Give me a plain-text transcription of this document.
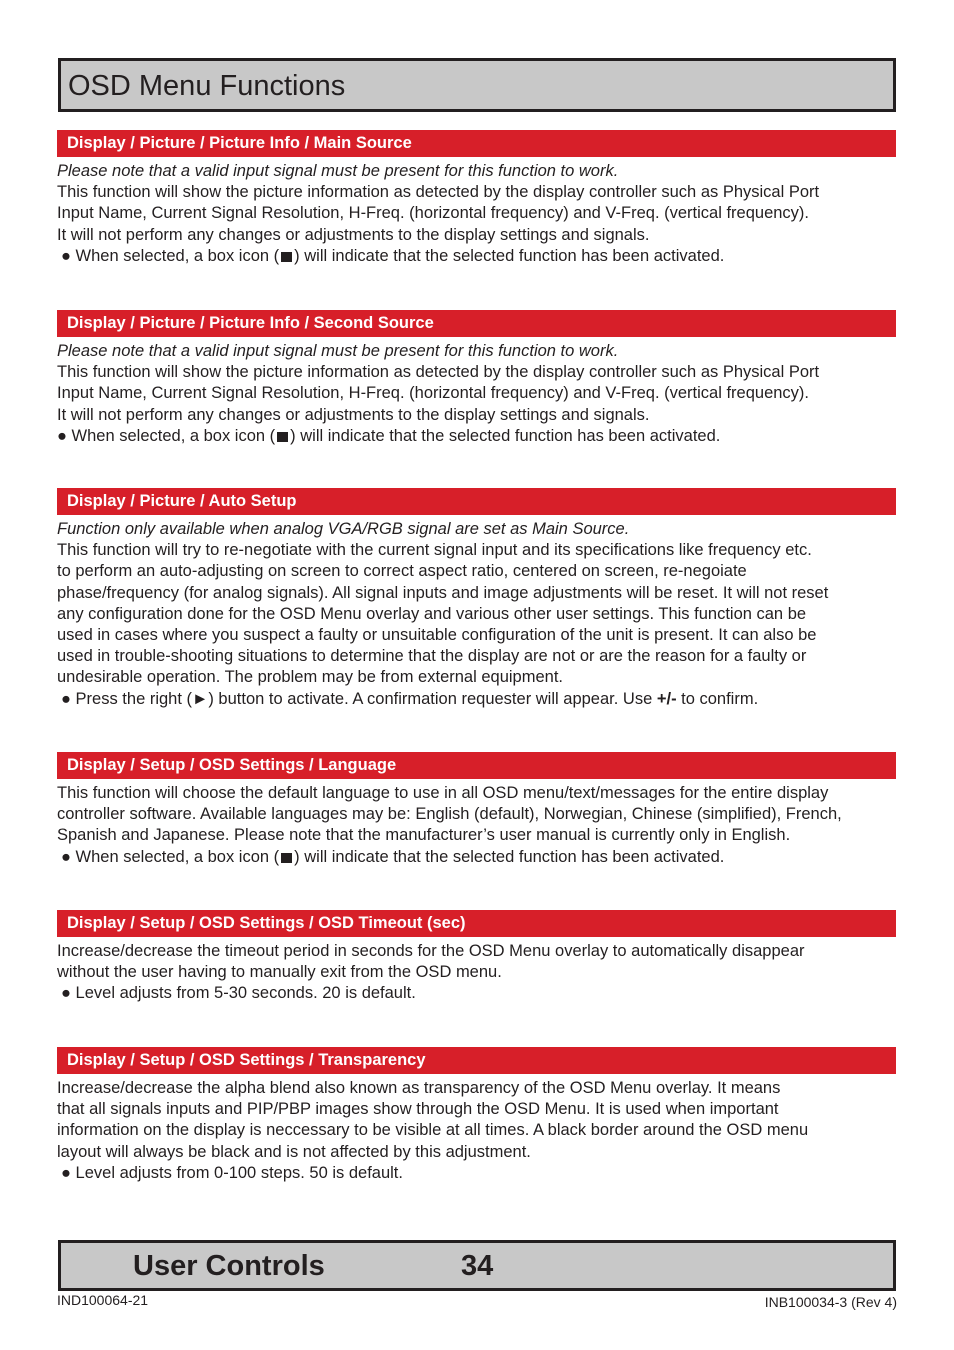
OSD Menu Functions
Display / Picture / Picture Info / Main Source

Please note that a valid input signal must be present for this function to work.

This function will show the picture information as detected by the display controller such as Physical Port

Input Name, Current Signal Resolution, H-Freq. (horizontal frequency) and V-Freq. (vertical frequency).

It will not perform any changes or adjustments to the display settings and signals.

● When selected, a box icon ( ) will indicate that the selected function has been activated.

Display / Picture / Picture Info / Second Source

Please note that a valid input signal must be present for this function to work.

This function will show the picture information as detected by the display controller such as Physical Port

Input Name, Current Signal Resolution, H-Freq. (horizontal frequency) and V-Freq. (vertical frequency).

It will not perform any changes or adjustments to the display settings and signals.

● When selected, a box icon ( ) will indicate that the selected function has been activated.

Display / Picture / Auto Setup

Function only available when analog VGA/RGB signal are set as Main Source.

This function will try to re-negotiate with the current signal input and its specifications like frequency etc.

to perform an auto-adjusting on screen to correct aspect ratio, centered on screen, re-negoiate

phase/frequency (for analog signals). All signal inputs and image adjustments will be reset. It will not reset

any configuration done for the OSD Menu overlay and various other user settings. This function can be

used in cases where you suspect a faulty or unsuitable configuration of the unit is present. It can also be

used in trouble-shooting situations to determine that the display are not or are the reason for a faulty or

undesirable operation. The problem may be from external equipment.

● Press the right (►) button to activate. A confirmation requester will appear. Use +/- to confirm.

Display / Setup / OSD Settings / Language

This function will choose the default language to use in all OSD menu/text/messages for the entire display

controller software. Available languages may be: English (default), Norwegian, Chinese (simplified), French,

Spanish and Japanese. Please note that the manufacturer’s user manual is currently only in English.

● When selected, a box icon ( ) will indicate that the selected function has been activated.

Display / Setup / OSD Settings / OSD Timeout (sec)

Increase/decrease the timeout period in seconds for the OSD Menu overlay to automatically disappear

without the user having to manually exit from the OSD menu.

● Level adjusts from 5-30 seconds. 20 is default.

Display / Setup / OSD Settings / Transparency

Increase/decrease the alpha blend also known as transparency of the OSD Menu overlay. It means

that all signals inputs and PIP/PBP images show through the OSD Menu. It is used when important

information on the display is neccessary to be visible at all times. A black border around the OSD menu

layout will always be black and is not affected by this adjustment.

● Level adjusts from 0-100 steps. 50 is default.

User Controls	34
IND100064-21	INB100034-3 (Rev 4)
